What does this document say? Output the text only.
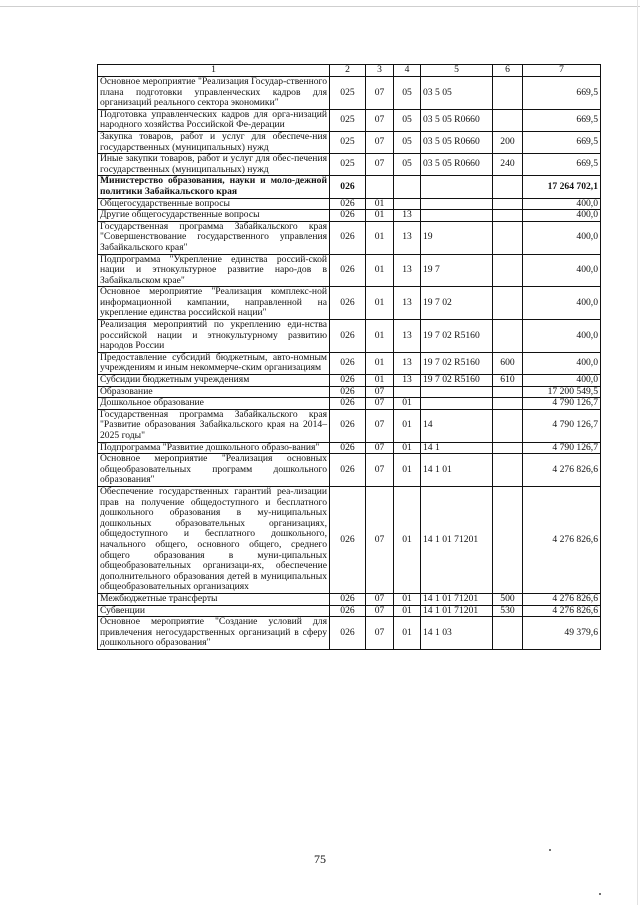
1	2	3	4	5	6	7
Основное мероприятие "Реализация Государ-ственного плана подготовки управленческих кадров для организаций реального сектора экономики"	025	07	05	03 5 05		669,5
Подготовка управленческих кадров для орга-низаций народного хозяйства Российской Фе-дерации	025	07	05	03 5 05 R0660		669,5
Закупка товаров, работ и услуг для обеспече-ния государственных (муниципальных) нужд	025	07	05	03 5 05 R0660	200	669,5
Иные закупки товаров, работ и услуг для обес-печения государственных (муниципальных) нужд	025	07	05	03 5 05 R0660	240	669,5
Министерство образования, науки и моло-дежной политики Забайкальского края	026					17 264 702,1
Общегосударственные вопросы	026	01				400,0
Другие общегосударственные вопросы	026	01	13			400,0
Государственная программа Забайкальского края "Совершенствование государственного управления Забайкальского края"	026	01	13	19		400,0
Подпрограмма "Укрепление единства россий-ской нации и этнокультурное развитие наро-дов в Забайкальском крае"	026	01	13	19 7		400,0
Основное мероприятие "Реализация комплекс-ной информационной кампании, направленной на укрепление единства российской нации"	026	01	13	19 7 02		400,0
Реализация мероприятий по укреплению еди-нства российской нации и этнокультурному развитию народов России	026	01	13	19 7 02 R5160		400,0
Предоставление субсидий бюджетным, авто-номным учреждениям и иным некоммерче-ским организациям	026	01	13	19 7 02 R5160	600	400,0
Субсидии бюджетным учреждениям	026	01	13	19 7 02 R5160	610	400,0
Образование	026	07				17 200 549,5
Дошкольное образование	026	07	01			4 790 126,7
Государственная программа Забайкальского края "Развитие образования Забайкальского края на 2014–2025 годы"	026	07	01	14		4 790 126,7
Подпрограмма "Развитие дошкольного образо-вания"	026	07	01	14 1		4 790 126,7
Основное мероприятие "Реализация основных общеобразовательных программ дошкольного образования"	026	07	01	14 1 01		4 276 826,6
Обеспечение государственных гарантий реа-лизации прав на получение общедоступного и бесплатного дошкольного образования в му-ниципальных дошкольных образовательных организациях, общедоступного и бесплатного дошкольного, начального общего, основного общего, среднего общего образования в муни-ципальных общеобразовательных организаци-ях, обеспечение дополнительного образования детей в муниципальных общеобразовательных организациях	026	07	01	14 1 01 71201		4 276 826,6
Межбюджетные трансферты	026	07	01	14 1 01 71201	500	4 276 826,6
Субвенции	026	07	01	14 1 01 71201	530	4 276 826,6
Основное мероприятие "Создание условий для привлечения негосударственных организаций в сферу дошкольного образования"	026	07	01	14 1 03		49 379,6
75
